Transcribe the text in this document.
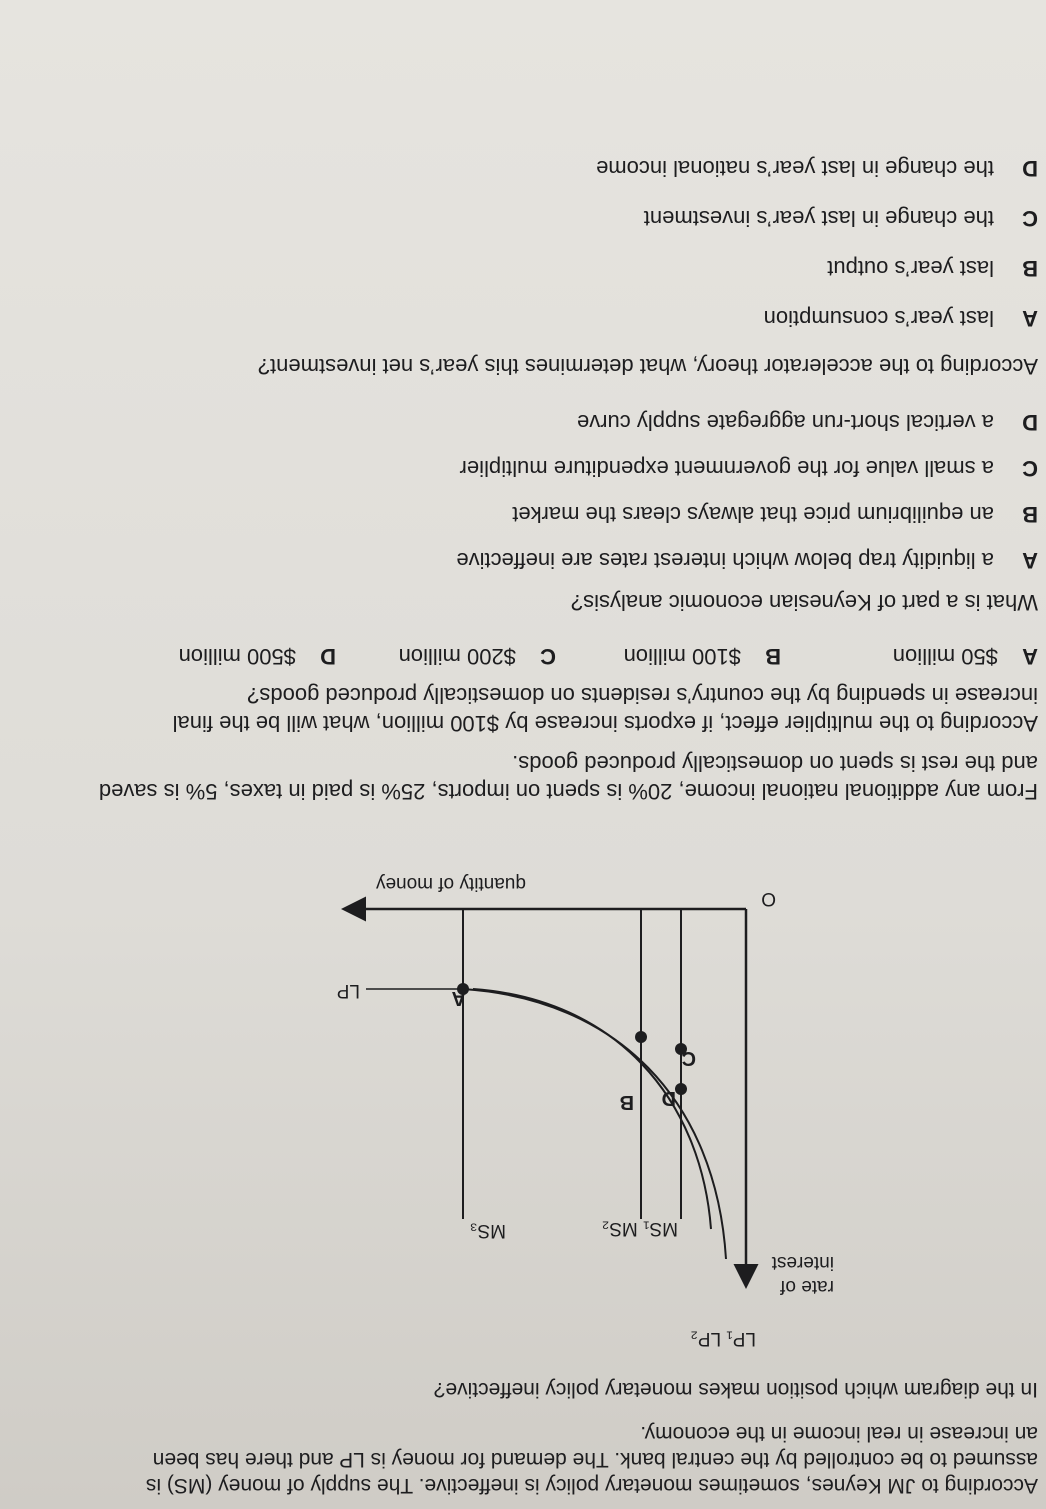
According to JM Keynes, sometimes monetary policy is ineffective. The supply of money (MS) is
assumed to be controlled by the central bank. The demand for money is LP and there has been
an increase in real income in the economy.
In the diagram which position makes monetary policy ineffective?
rate of
interest
LP₁ LP₂
MS₁ MS₂
MS₃
LP
O
quantity of money
D
B
C
A
From any additional national income, 20% is spent on imports, 25% is paid in taxes, 5% is saved
and the rest is spent on domestically produced goods.
According to the multiplier effect, if exports increase by $100 million, what will be the final
increase in spending by the country’s residents on domestically produced goods?
A $50 million
B $100 million
C $200 million
D $500 million
What is a part of Keynesian economic analysis?
A a liquidity trap below which interest rates are ineffective
B an equilibrium price that always clears the market
C a small value for the government expenditure multiplier
D a vertical short-run aggregate supply curve
According to the accelerator theory, what determines this year’s net investment?
A last year’s consumption
B last year’s output
C the change in last year’s investment
D the change in last year’s national income
